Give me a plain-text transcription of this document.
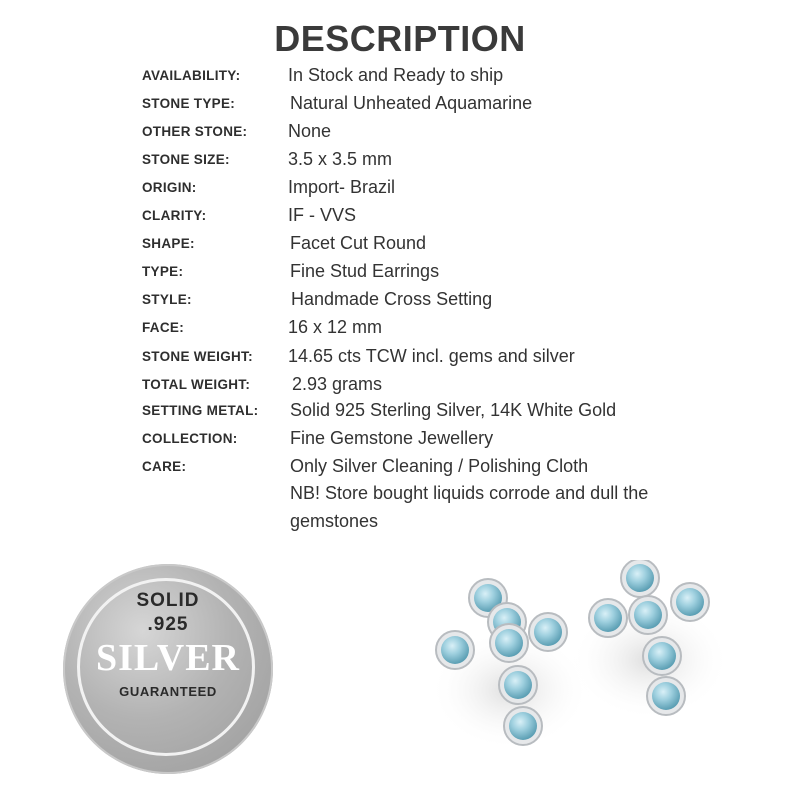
DESCRIPTION
AVAILABILITY:	In Stock and Ready to ship
STONE TYPE:	Natural Unheated Aquamarine
OTHER STONE: None
STONE SIZE:	3.5 x 3.5 mm
ORIGIN:	Import- Brazil
CLARITY:	IF - VVS
SHAPE:	Facet Cut Round
TYPE:	Fine Stud Earrings
STYLE:	Handmade Cross Setting
FACE:	16 x 12 mm
STONE WEIGHT: 14.65 cts TCW incl. gems and silver
TOTAL WEIGHT: 2.93 grams
SETTING METAL: Solid 925 Sterling Silver, 14K White Gold
COLLECTION:	Fine Gemstone Jewellery
CARE:	Only Silver Cleaning / Polishing Cloth
NB! Store bought liquids corrode and dull the gemstones
SOLID
.925
SILVER
GUARANTEED
